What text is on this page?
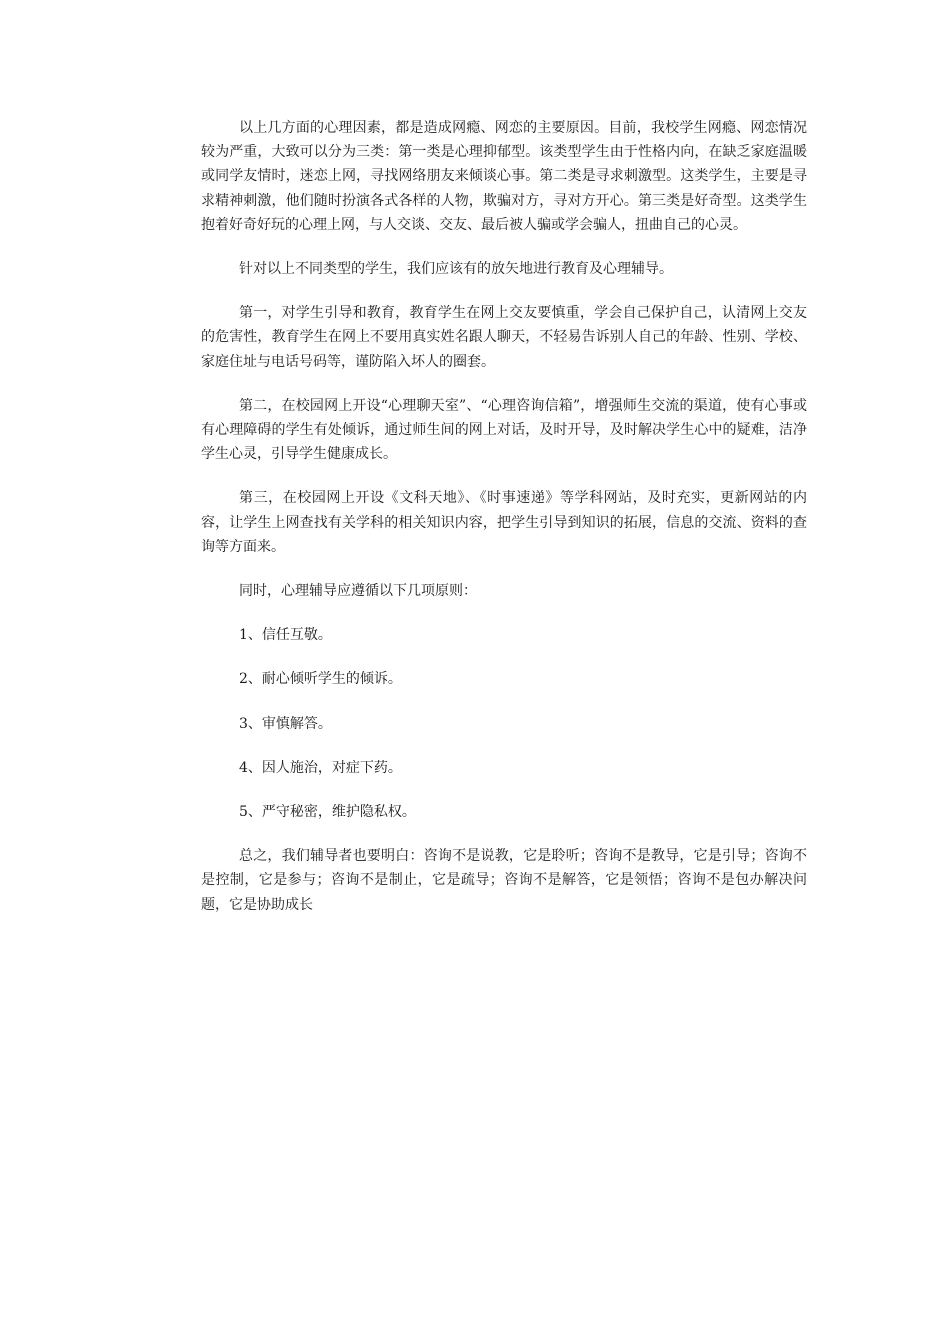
以上几方面的心理因素，都是造成网瘾、网恋的主要原因。目前，我校学生网瘾、网恋情况较为严重，大致可以分为三类：第一类是心理抑郁型。该类型学生由于性格内向，在缺乏家庭温暖或同学友情时，迷恋上网，寻找网络朋友来倾谈心事。第二类是寻求刺激型。这类学生，主要是寻求精神刺激，他们随时扮演各式各样的人物，欺骗对方，寻对方开心。第三类是好奇型。这类学生抱着好奇好玩的心理上网，与人交谈、交友、最后被人骗或学会骗人，扭曲自己的心灵。

针对以上不同类型的学生，我们应该有的放矢地进行教育及心理辅导。

第一，对学生引导和教育，教育学生在网上交友要慎重，学会自己保护自己，认清网上交友的危害性，教育学生在网上不要用真实姓名跟人聊天，不轻易告诉别人自己的年龄、性别、学校、家庭住址与电话号码等，谨防陷入坏人的圈套。

第二，在校园网上开设“心理聊天室”、“心理咨询信箱”，增强师生交流的渠道，使有心事或有心理障碍的学生有处倾诉，通过师生间的网上对话，及时开导，及时解决学生心中的疑难，洁净学生心灵，引导学生健康成长。

第三，在校园网上开设《文科天地》、《时事速递》等学科网站，及时充实，更新网站的内容，让学生上网查找有关学科的相关知识内容，把学生引导到知识的拓展，信息的交流、资料的查询等方面来。

同时，心理辅导应遵循以下几项原则：

1、信任互敬。
2、耐心倾听学生的倾诉。
3、审慎解答。
4、因人施治，对症下药。
5、严守秘密，维护隐私权。

总之，我们辅导者也要明白：咨询不是说教，它是聆听；咨询不是教导，它是引导；咨询不是控制，它是参与；咨询不是制止，它是疏导；咨询不是解答，它是领悟；咨询不是包办解决问题，它是协助成长
